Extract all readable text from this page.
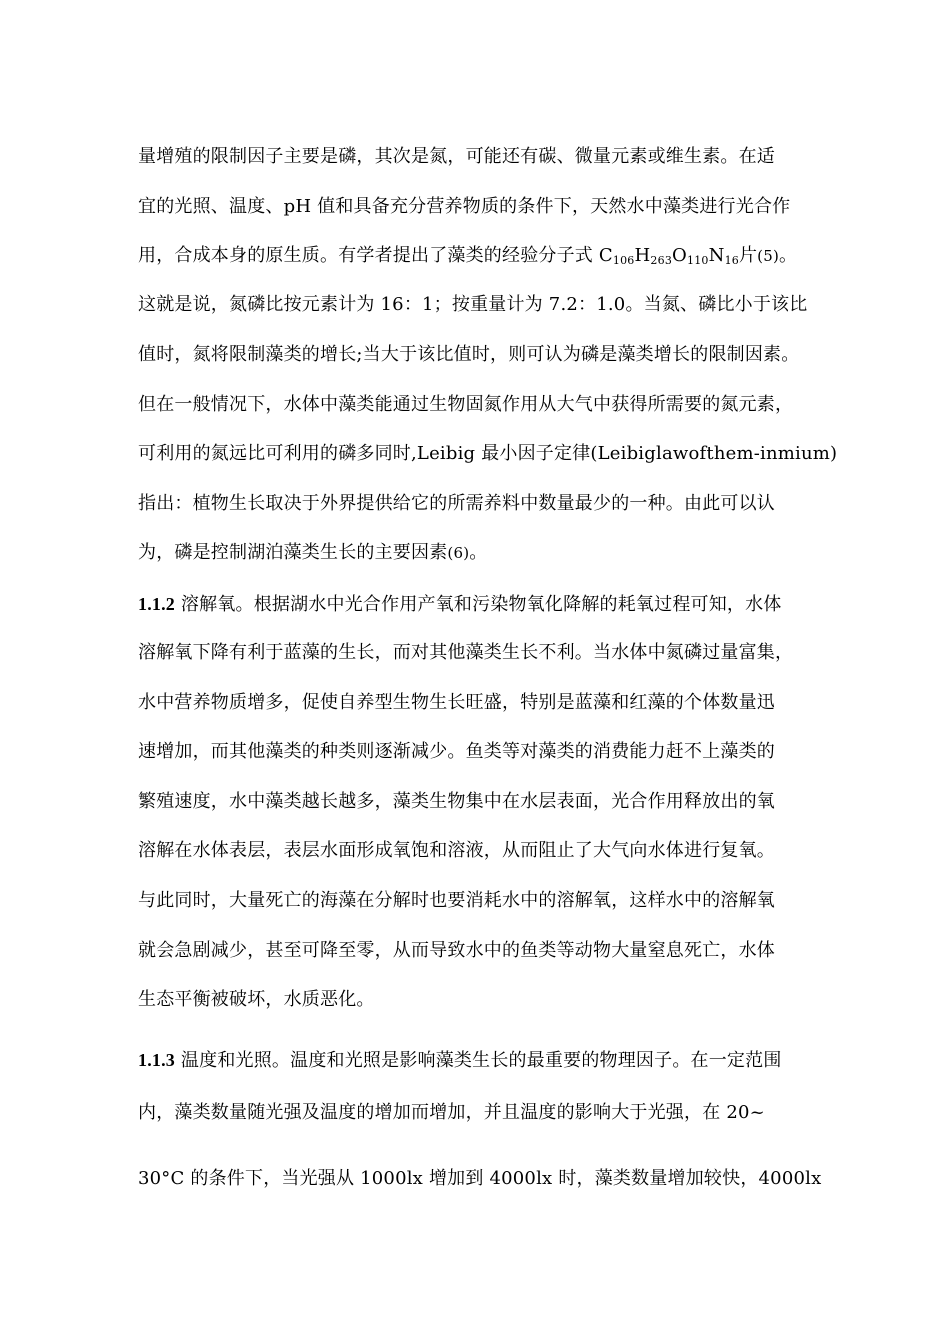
量增殖的限制因子主要是磷，其次是氮，可能还有碳、微量元素或维生素。在适
宜的光照、温度、pH 值和具备充分营养物质的条件下，天然水中藻类进行光合作
用，合成本身的原生质。有学者提出了藻类的经验分子式 $C_{106}H_{263}O_{110}N_{16}$片(5)。
这就是说，氮磷比按元素计为 16：1；按重量计为 7.2：1.0。当氮、磷比小于该比
值时，氮将限制藻类的增长;当大于该比值时，则可认为磷是藻类增长的限制因素。
但在一般情况下，水体中藻类能通过生物固氮作用从大气中获得所需要的氮元素，
可利用的氮远比可利用的磷多同时,Leibig 最小因子定律(Leibiglawofthem-inmium)
指出：植物生长取决于外界提供给它的所需养料中数量最少的一种。由此可以认
为，磷是控制湖泊藻类生长的主要因素(6)。
1.1.2 溶解氧。根据湖水中光合作用产氧和污染物氧化降解的耗氧过程可知，水体
溶解氧下降有利于蓝藻的生长，而对其他藻类生长不利。当水体中氮磷过量富集，
水中营养物质增多，促使自养型生物生长旺盛，特别是蓝藻和红藻的个体数量迅
速增加，而其他藻类的种类则逐渐减少。鱼类等对藻类的消费能力赶不上藻类的
繁殖速度，水中藻类越长越多，藻类生物集中在水层表面，光合作用释放出的氧
溶解在水体表层，表层水面形成氧饱和溶液，从而阻止了大气向水体进行复氧。
与此同时，大量死亡的海藻在分解时也要消耗水中的溶解氧，这样水中的溶解氧
就会急剧减少，甚至可降至零，从而导致水中的鱼类等动物大量窒息死亡，水体
生态平衡被破坏，水质恶化。
1.1.3 温度和光照。温度和光照是影响藻类生长的最重要的物理因子。在一定范围
内，藻类数量随光强及温度的增加而增加，并且温度的影响大于光强，在 20~
30°C 的条件下，当光强从 1000lx 增加到 4000lx 时，藻类数量增加较快，4000lx
